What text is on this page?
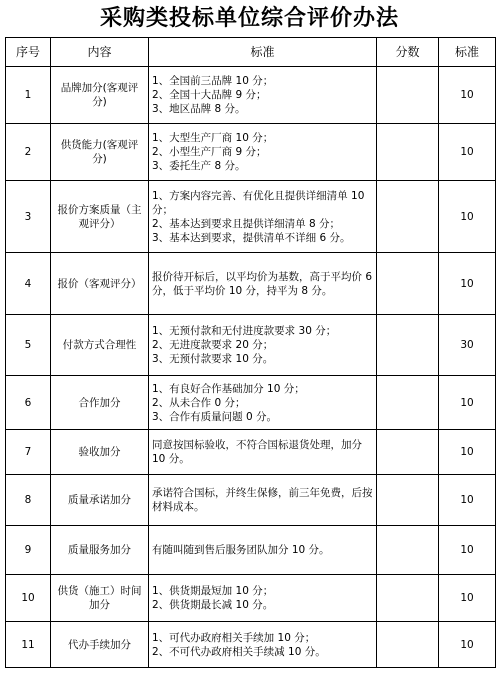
采购类投标单位综合评价办法
序号	内容	标准	分数	标准
1	品牌加分(客观评分)	1、全国前三品牌 10 分；
2、全国十大品牌 9 分；
3、地区品牌 8 分。		10
2	供货能力(客观评分)	1、大型生产厂商 10 分；
2、小型生产厂商 9 分；
3、委托生产 8 分。		10
3	报价方案质量（主观评分）	1、方案内容完善、有优化且提供详细清单 10 分；
2、基本达到要求且提供详细清单 8 分；
3、基本达到要求，提供清单不详细 6 分。		10
4	报价（客观评分）	报价待开标后，以平均价为基数，高于平均价 6 分，低于平均价 10 分，持平为 8 分。		10
5	付款方式合理性	1、无预付款和无付进度款要求 30 分；
2、无进度款要求 20 分；
3、无预付款要求 10 分。		30
6	合作加分	1、有良好合作基础加分 10 分；
2、从未合作 0 分；
3、合作有质量问题 0 分。		10
7	验收加分	同意按国标验收，不符合国标退货处理，加分 10 分。		10
8	质量承诺加分	承诺符合国标，并终生保修，前三年免费，后按材料成本。		10
9	质量服务加分	有随叫随到售后服务团队加分 10 分。		10
10	供货（施工）时间加分	1、供货期最短加 10 分；
2、供货期最长减 10 分。		10
11	代办手续加分	1、可代办政府相关手续加 10 分；
2、不可代办政府相关手续减 10 分。		10
